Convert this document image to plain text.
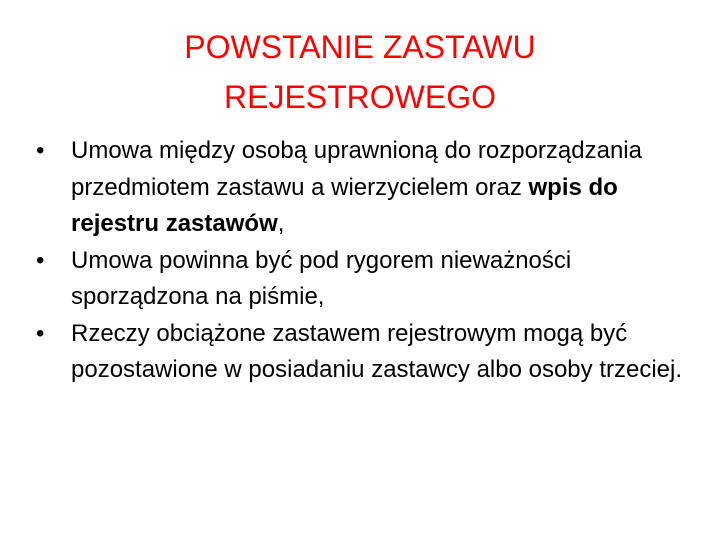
POWSTANIE ZASTAWU
REJESTROWEGO
•	Umowa między osobą uprawnioną do rozporządzania przedmiotem zastawu a wierzycielem oraz wpis do rejestru zastawów,
•	Umowa powinna być pod rygorem nieważności sporządzona na piśmie,
•	Rzeczy obciążone zastawem rejestrowym mogą być pozostawione w posiadaniu zastawcy albo osoby trzeciej.
